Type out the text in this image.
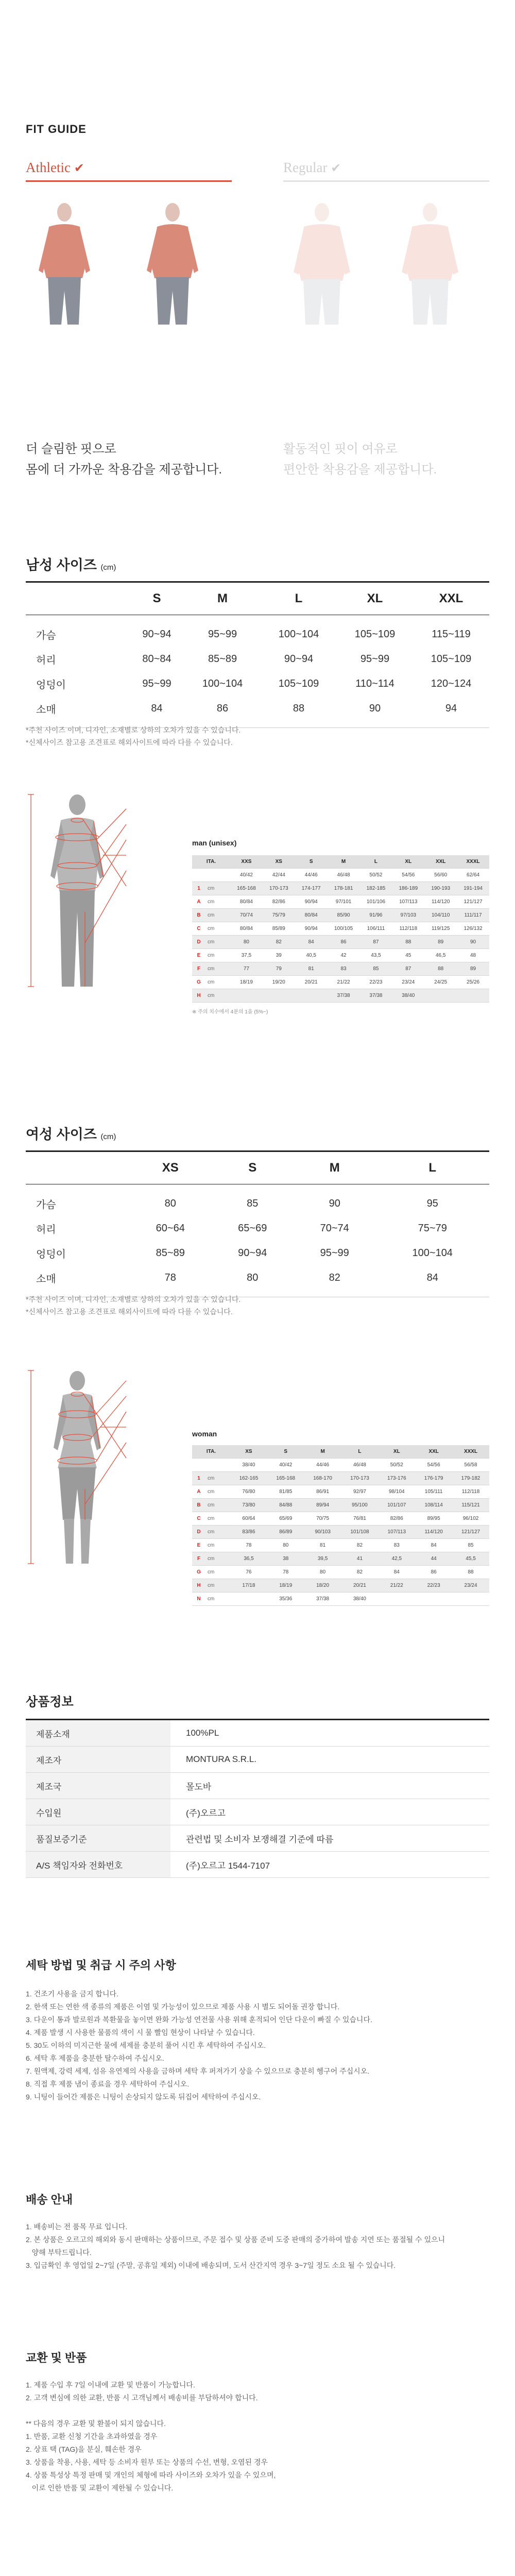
FIT GUIDE
Athletic ✔	Regular ✔
더 슬림한 핏으로
몸에 더 가까운 착용감을 제공합니다.
활동적인 핏이 여유로
편안한 착용감을 제공합니다.
남성 사이즈 (cm)
	S	M	L	XL	XXL
가슴	90~94	95~99	100~104	105~109	115~119
허리	80~84	85~89	90~94	95~99	105~109
엉덩이	95~99	100~104	105~109	110~114	120~124
소매	84	86	88	90	94
*주천 사이즈 이며, 디자인, 소재별로 상하의 오차가 있을 수 있습니다.
*신체사이즈 참고용 조견표로 해외사이트에 따라 다를 수 있습니다.
man (unisex)
ITA.		XXS	XS	S	M	L	XL	XXL	XXXL
		40/42	42/44	44/46	46/48	50/52	54/56	56/60	62/64
1	cm	165-168	170-173	174-177	178-181	182-185	186-189	190-193	191-194
A	cm	80/84	82/86	90/94	97/101	101/106	107/113	114/120	121/127
B	cm	70/74	75/79	80/84	85/90	91/96	97/103	104/110	111/117
C	cm	80/84	85/89	90/94	100/105	106/111	112/118	119/125	126/132
D	cm	80	82	84	86	87	88	89	90
E	cm	37,5	39	40,5	42	43,5	45	46,5	48
F	cm	77	79	81	83	85	87	88	89
G	cm	18/19	19/20	20/21	21/22	22/23	23/24	24/25	25/26
H	cm				37/38	37/38	38/40		
※ 주의 치수에서 4분의 1을 (5%~)
여성 사이즈 (cm)
	XS	S	M	L
가슴	80	85	90	95
허리	60~64	65~69	70~74	75~79
엉덩이	85~89	90~94	95~99	100~104
소매	78	80	82	84
*주천 사이즈 이며, 디자인, 소재별로 상하의 오차가 있을 수 있습니다.
*신체사이즈 참고용 조견표로 해외사이트에 따라 다를 수 있습니다.
woman
ITA.		XS	S	M	L	XL	XXL	XXXL
		38/40	40/42	44/46	46/48	50/52	54/56	56/58
1	cm	162-165	165-168	168-170	170-173	173-176	176-179	179-182
A	cm	76/80	81/85	86/91	92/97	98/104	105/111	112/118
B	cm	73/80	84/88	89/94	95/100	101/107	108/114	115/121
C	cm	60/64	65/69	70/75	76/81	82/86	89/95	96/102
D	cm	83/86	86/89	90/103	101/108	107/113	114/120	121/127
E	cm	78	80	81	82	83	84	85
F	cm	36,5	38	39,5	41	42,5	44	45,5
G	cm	76	78	80	82	84	86	88
H	cm	17/18	18/19	18/20	20/21	21/22	22/23	23/24
N	cm		35/36	37/38	38/40			
상품정보
제품소재	100%PL
제조자	MONTURA S.R.L.
제조국	몰도바
수입원	(주)오르고
품질보증기준	관련법 및 소비자 보쟁해결 기준에 따름
A/S 책임자와 전화번호	(주)오르고 1544-7107
세탁 방법 및 취급 시 주의 사항
1. 건조기 사용을 금지 합니다.
2. 한색 또는 연한 색 종류의 제품은 이염 및 가능성이 있으므로 제품 사용 시 별도 되어돌 권장 합니다.
3. 다운이 통과 발로원과 복환물을 놓이면 완화 가능성 연전물 사용 위해 훈적되어 인단 다운이 빠질 수 있습니다.
4. 제품 발생 시 사용한 물품의 색이 시 물 빨임 현상이 나타날 수 있습니다.
5. 30도 이하의 미지근한 물에 세제를 충분히 풀어 시킨 후 세탁하여 주십시오.
6. 세탁 후 제품을 충분한 탈수하여 주십시오.
7. 원액제, 강력 세제, 섬유 유연제의 사용을 금하며 세탁 후 퍼져가기 상을 수 있으므로 충분히 헹구어 주십시오.
8. 직접 후 제품 냄이 종료을 경우 세탁하여 주십시오.
9. 니팅이 들어간 제품은 니팅이 손상되지 않도록 뒤집어 세탁하여 주십시오.
배송 안내
1. 배송비는 전 품목 무료 입니다.
2. 본 상품은 오르고의 해외와 동시 판매하는 상품이므로, 주문 접수 및 상품 준비 도중 판매의 중가하여 발송 지연 또는 품절될 수 있으니
양해 부탁드립니다.
3. 입금확인 후 영업일 2~7일 (주말, 공휴일 제외) 이내에 배송되며, 도서 산간지역 경우 3~7일 정도 소요 될 수 있습니다.
교환 및 반품
1. 제품 수입 후 7일 이내에 교환 및 반품이 가능합니다.
2. 고객 변심에 의한 교환, 반품 시 고객님께서 배송비를 부담하셔야 합니다.
** 다음의 경우 교환 및 환불이 되지 않습니다.
1. 반품, 교환 신청 기간을 초과하였을 경우
2. 상표 택 (TAG)을 분실, 훼손한 경우
3. 상품을 착용, 사용, 세탁 등 소비자 원부 또는 상품의 수선, 변형, 오염된 경우
4. 상품 특성상 특정 판매 및 개인의 체형에 따라 사이즈와 오차가 있을 수 있으며,
이로 인한 반품 및 교환이 제한될 수 있습니다.
